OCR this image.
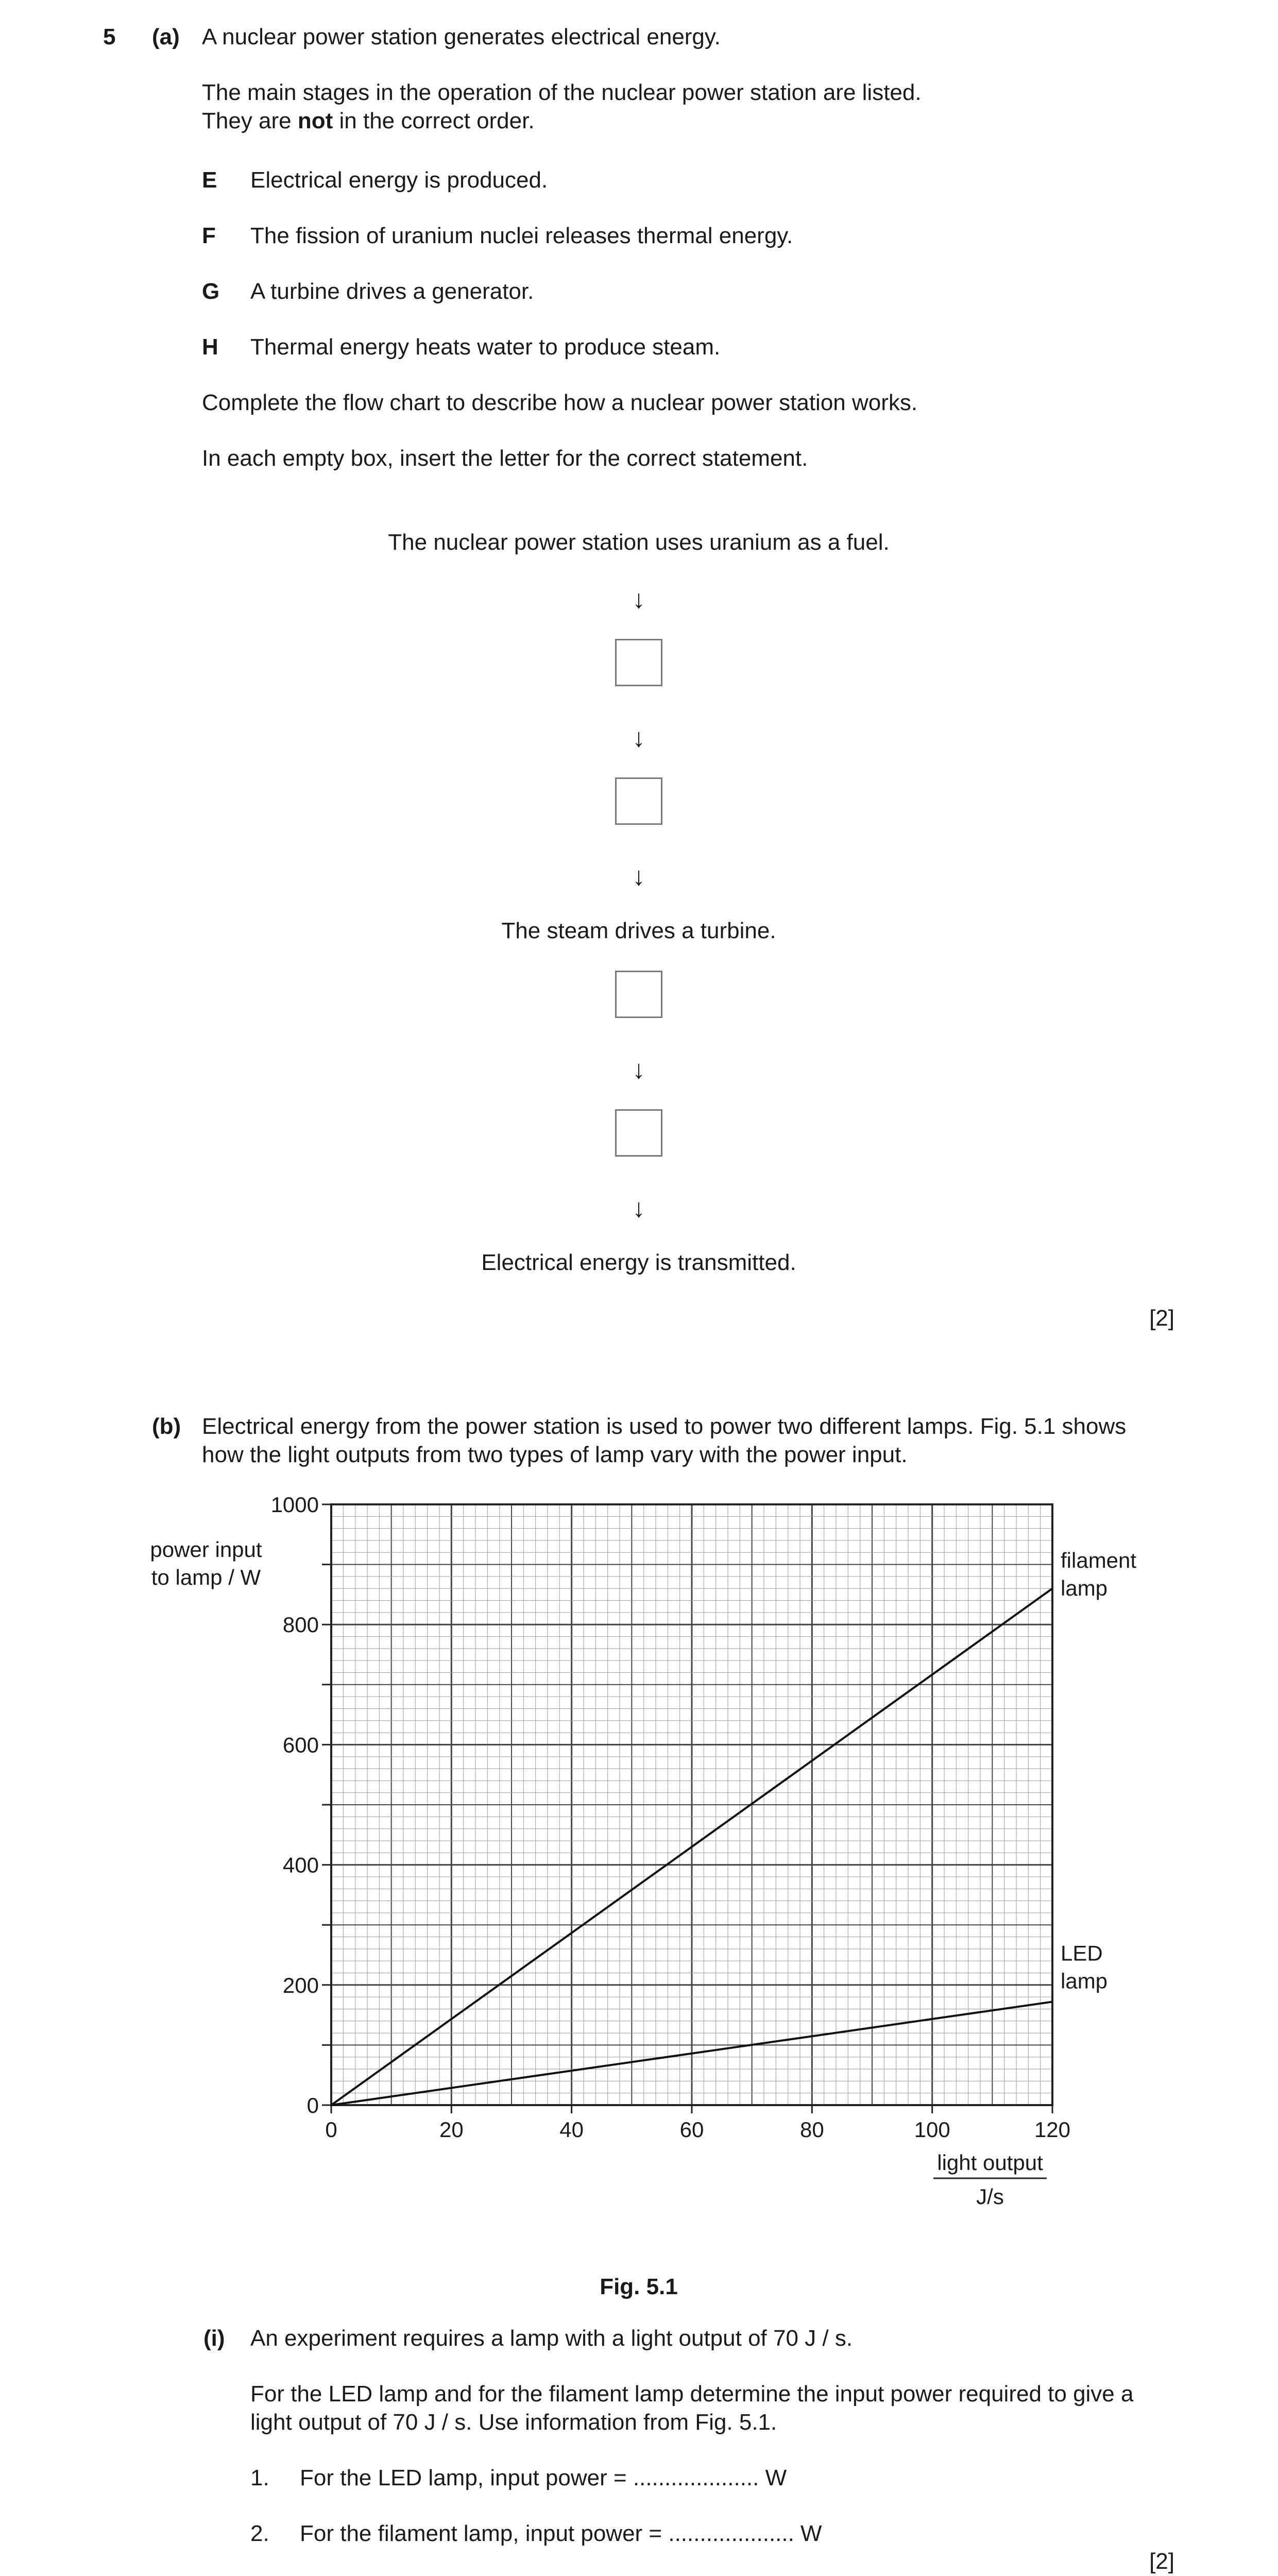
5 (a) A nuclear power station generates electrical energy.
The main stages in the operation of the nuclear power station are listed.
They are not in the correct order.
E Electrical energy is produced.
F The fission of uranium nuclei releases thermal energy.
G A turbine drives a generator.
H Thermal energy heats water to produce steam.
Complete the flow chart to describe how a nuclear power station works.
In each empty box, insert the letter for the correct statement.
The nuclear power station uses uranium as a fuel.
↓
↓
↓
The steam drives a turbine.
↓
↓
Electrical energy is transmitted.
[2]
(b) Electrical energy from the power station is used to power two different lamps. Fig. 5.1 shows
how the light outputs from two types of lamp vary with the power input.
0	20	40	60	80	100	120
0
200
400
600
800
1000
filament
lamp
LED
lamp
power input
to lamp / W
light output
J/s
Fig. 5.1
(i) An experiment requires a lamp with a light output of 70 J / s.
For the LED lamp and for the filament lamp determine the input power required to give a
light output of 70 J / s. Use information from Fig. 5.1.
1. For the LED lamp, input power = .................... W
2. For the filament lamp, input power = .................... W
[2]
